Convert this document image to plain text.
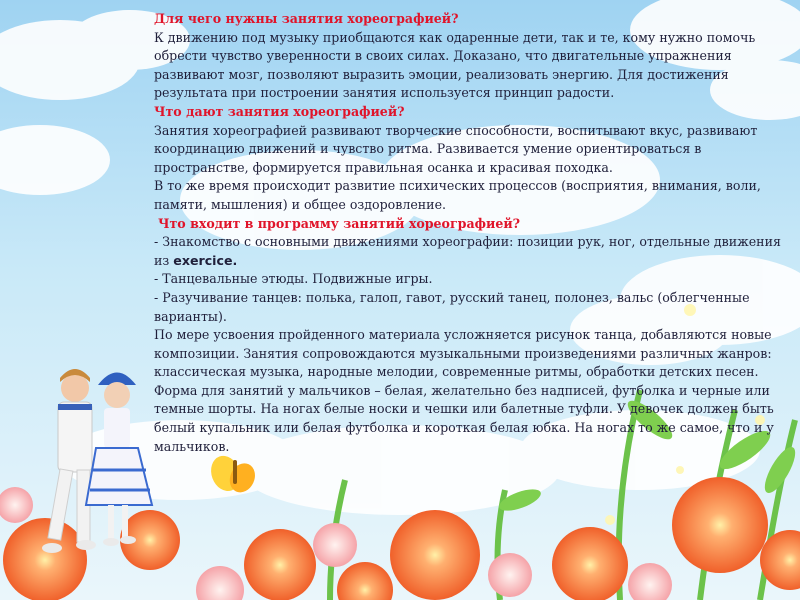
Для чего нужны занятия хореографией?

К движению под музыку приобщаются как одаренные дети, так и те, кому нужно помочь обрести чувство уверенности в своих силах. Доказано, что двигательные упражнения развивают мозг, позволяют выразить эмоции, реализовать энергию. Для достижения результата при построении занятия используется принцип радости.

Что дают занятия хореографией?

Занятия хореографией развивают творческие способности, воспитывают вкус, развивают координацию движений и чувство ритма. Развивается умение ориентироваться в пространстве, формируется правильная осанка и красивая походка.

В то же время происходит развитие психических процессов (восприятия, внимания, воли, памяти, мышления) и общее оздоровление.

Что входит в программу занятий хореографией?

- Знакомство с основными движениями хореографии: позиции рук, ног, отдельные движения из exercice.

- Танцевальные этюды. Подвижные игры.

- Разучивание танцев: полька, галоп, гавот, русский танец, полонез, вальс (облегченные варианты).

По мере усвоения пройденного материала усложняется рисунок танца, добавляются новые композиции. Занятия сопровождаются музыкальными произведениями различных жанров: классическая музыка, народные мелодии, современные ритмы, обработки детских песен. Форма для занятий у мальчиков – белая, желательно без надписей, футболка и черные или темные шорты. На ногах белые носки и чешки или балетные туфли. У девочек должен быть белый купальник или белая футболка и короткая белая юбка. На ногах то же самое, что и у мальчиков.
